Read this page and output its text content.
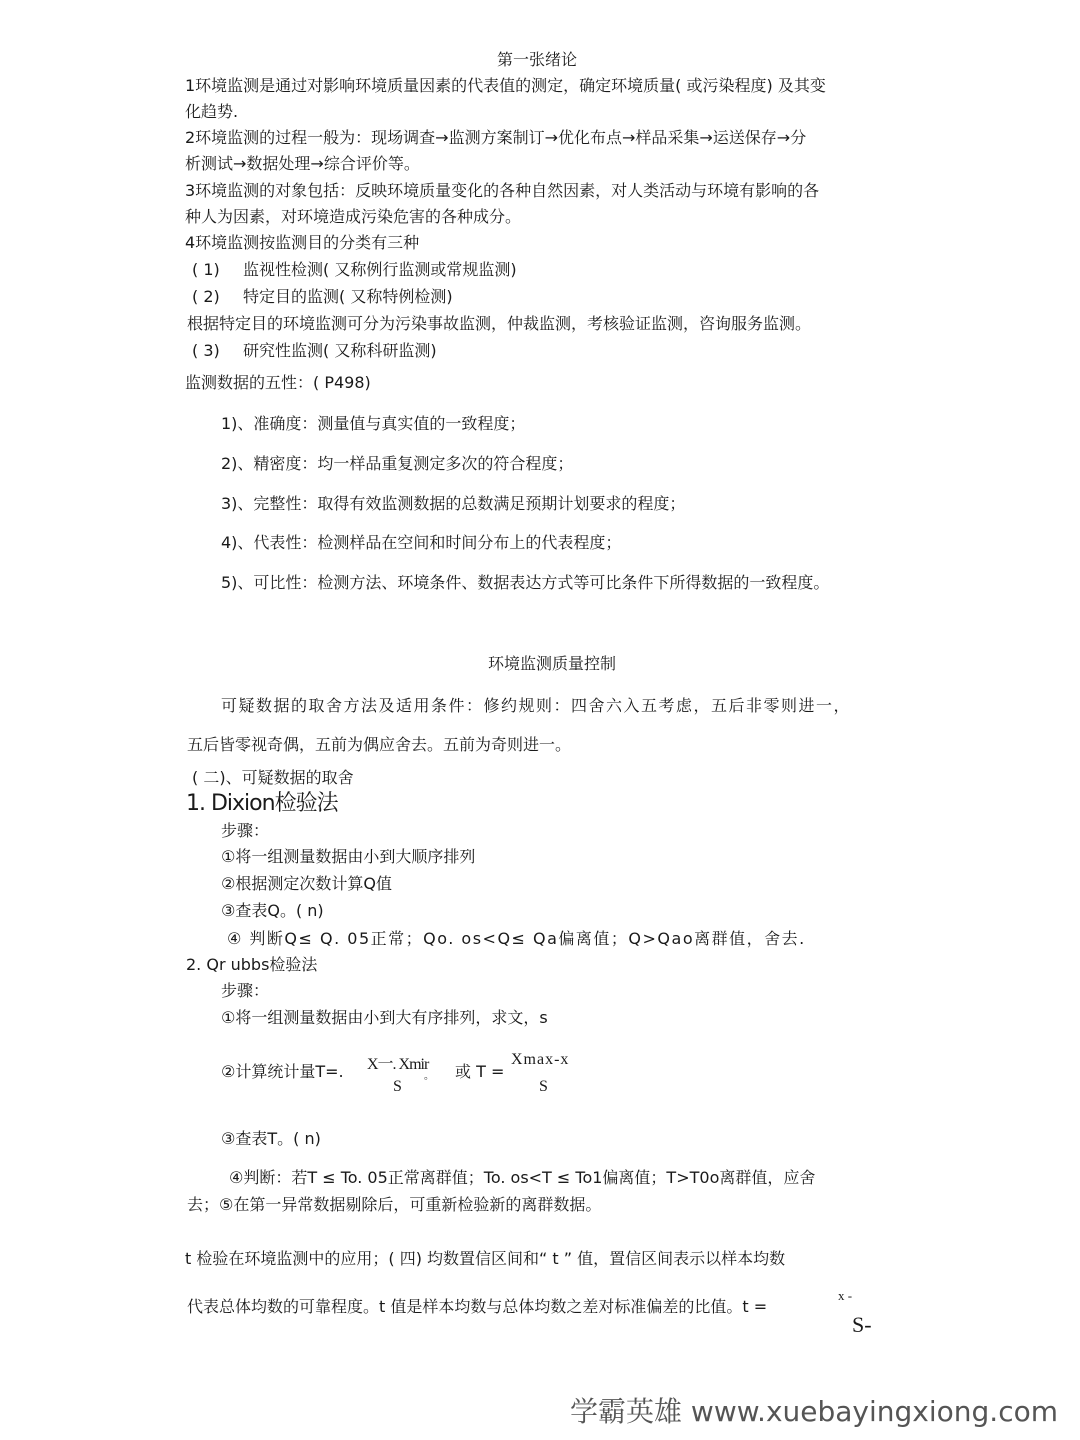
第一张绪论
1环境监测是通过对影响环境质量因素的代表值的测定，确定环境质量( 或污染程度) 及其变
化趋势.
2环境监测的过程一般为：现场调查→监测方案制订→优化布点→样品采集→运送保存→分
析测试→数据处理→综合评价等。
3环境监测的对象包括：反映环境质量变化的各种自然因素，对人类活动与环境有影响的各
种人为因素，对环境造成污染危害的各种成分。
4环境监测按监测目的分类有三种
( 1) 监视性检测( 又称例行监测或常规监测)
( 2) 特定目的监测( 又称特例检测)
根据特定目的环境监测可分为污染事故监测，仲裁监测，考核验证监测，咨询服务监测。
( 3) 研究性监测( 又称科研监测)
监测数据的五性：( P498)
1)、准确度：测量值与真实值的一致程度；
2)、精密度：均一样品重复测定多次的符合程度；
3)、完整性：取得有效监测数据的总数满足预期计划要求的程度；
4)、代表性：检测样品在空间和时间分布上的代表程度；
5)、可比性：检测方法、环境条件、数据表达方式等可比条件下所得数据的一致程度。
环境监测质量控制
可疑数据的取舍方法及适用条件：修约规则：四舍六入五考虑，五后非零则进一，
五后皆零视奇偶，五前为偶应舍去。五前为奇则进一。
( 二)、可疑数据的取舍
1. Dixion检验法
步骤：
①将一组测量数据由小到大顺序排列
②根据测定次数计算Q值
③查表Q。( n)
④ 判断Q≤ Q. 05正常；Qo. os<Q≤ Qa偏离值；Q>Qao离群值，舍去.
2. Qr ubbs检验法
步骤：
①将一组测量数据由小到大有序排列，求文，s
②计算统计量T=. X一. Xmir
S
。 或 T =
Xmax-x
S
③查表T。( n)
④判断：若T ≤ To. 05正常离群值；To. os<T ≤ To1偏离值；T>T0o离群值，应舍
去；⑤在第一异常数据剔除后，可重新检验新的离群数据。
t 检验在环境监测中的应用；( 四) 均数置信区间和“ t ” 值，置信区间表示以样本均数
代表总体均数的可靠程度。t 值是样本均数与总体均数之差对标准偏差的比值。t =
x -
S-
学霸英雄 www.xuebayingxiong.com
